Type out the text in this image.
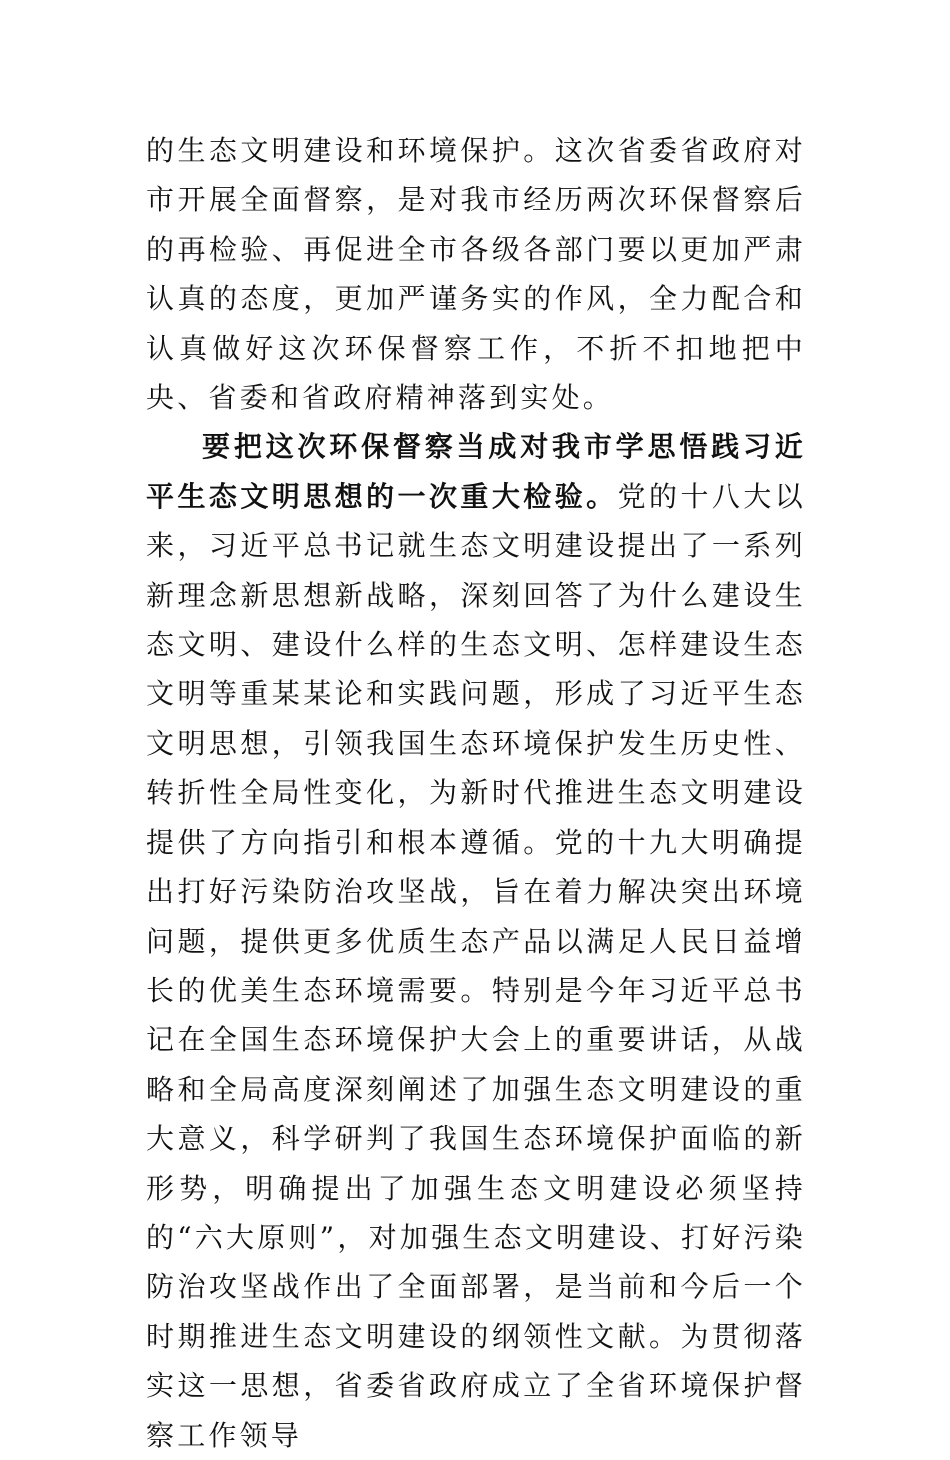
的生态文明建设和环境保护。这次省委省政府对市开展全面督察，是对我市经历两次环保督察后的再检验、再促进全市各级各部门要以更加严肃认真的态度，更加严谨务实的作风，全力配合和认真做好这次环保督察工作，不折不扣地把中央、省委和省政府精神落到实处。

要把这次环保督察当成对我市学思悟践习近平生态文明思想的一次重大检验。党的十八大以来，习近平总书记就生态文明建设提出了一系列新理念新思想新战略，深刻回答了为什么建设生态文明、建设什么样的生态文明、怎样建设生态文明等重某某论和实践问题，形成了习近平生态文明思想，引领我国生态环境保护发生历史性、转折性全局性变化，为新时代推进生态文明建设提供了方向指引和根本遵循。党的十九大明确提出打好污染防治攻坚战，旨在着力解决突出环境问题，提供更多优质生态产品以满足人民日益增长的优美生态环境需要。特别是今年习近平总书记在全国生态环境保护大会上的重要讲话，从战略和全局高度深刻阐述了加强生态文明建设的重大意义，科学研判了我国生态环境保护面临的新形势，明确提出了加强生态文明建设必须坚持的“六大原则”，对加强生态文明建设、打好污染防治攻坚战作出了全面部署，是当前和今后一个时期推进生态文明建设的纲领性文献。为贯彻落实这一思想，省委省政府成立了全省环境保护督察工作领导
